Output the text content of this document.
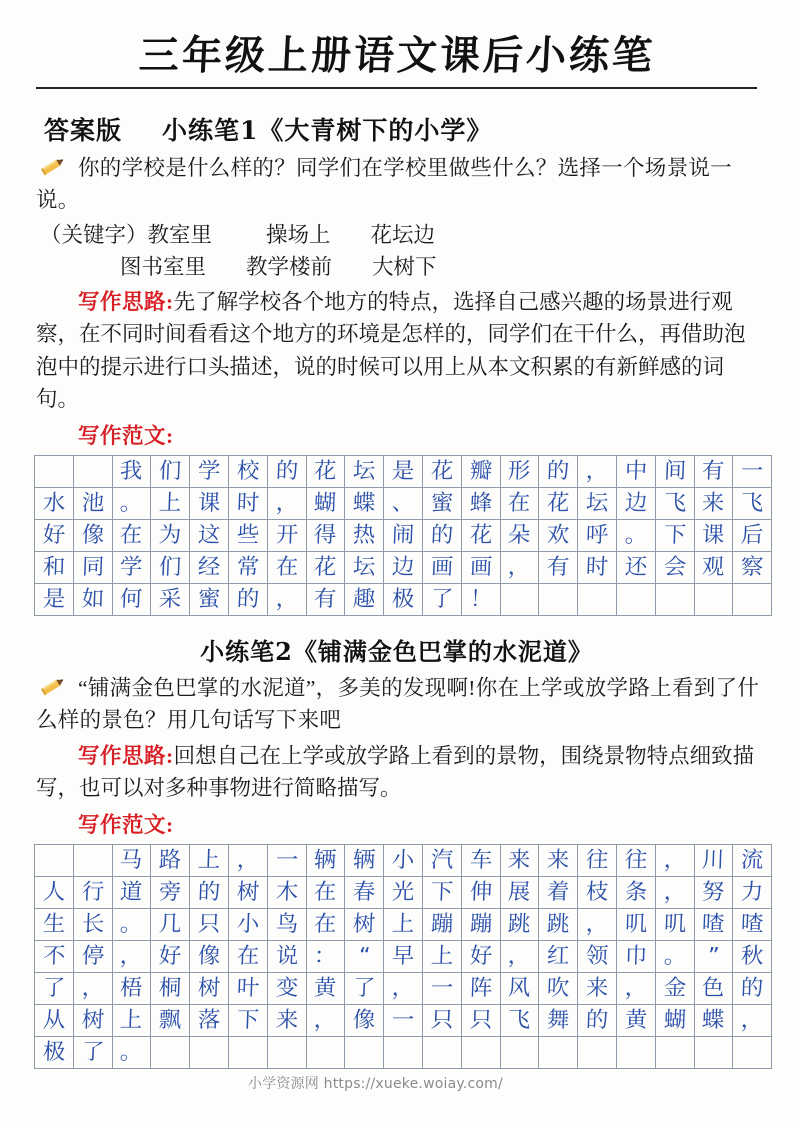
三年级上册语文课后小练笔
答案版 小练笔1《大青树下的小学》
你的学校是什么样的？同学们在学校里做些什么？选择一个场景说一说。
（关键字）教室里	操场上 花坛边
图书室里 教学楼前 大树下
写作思路:先了解学校各个地方的特点，选择自己感兴趣的场景进行观察，在不同时间看看这个地方的环境是怎样的，同学们在干什么，再借助泡泡中的提示进行口头描述，说的时候可以用上从本文积累的有新鲜感的词句。
写作范文:
		我	们	学	校	的	花	坛	是	花	瓣	形	的	，	中	间	有	一
水	池	。	上	课	时	，	蝴	蝶	、	蜜	蜂	在	花	坛	边	飞	来	飞
好	像	在	为	这	些	开	得	热	闹	的	花	朵	欢	呼	。	下	课	后
和	同	学	们	经	常	在	花	坛	边	画	画	，	有	时	还	会	观	察
是	如	何	采	蜜	的	，	有	趣	极	了	！							
小练笔2《铺满金色巴掌的水泥道》
“铺满金色巴掌的水泥道”，多美的发现啊!你在上学或放学路上看到了什么样的景色？用几句话写下来吧
写作思路:回想自己在上学或放学路上看到的景物，围绕景物特点细致描写，也可以对多种事物进行简略描写。
写作范文:
		马	路	上	，	一	辆	辆	小	汽	车	来	来	往	往	，	川	流
人	行	道	旁	的	树	木	在	春	光	下	伸	展	着	枝	条	，	努	力
生	长	。	几	只	小	鸟	在	树	上	蹦	蹦	跳	跳	，	叽	叽	喳	喳
不	停	，	好	像	在	说	：	“	早	上	好	，	红	领	巾	。	”	秋
了	，	梧	桐	树	叶	变	黄	了	，	一	阵	风	吹	来	，	金	色	的
从	树	上	飘	落	下	来	，	像	一	只	只	飞	舞	的	黄	蝴	蝶	，
极	了	。																
小学资源网 https://xueke.woiay.com/
